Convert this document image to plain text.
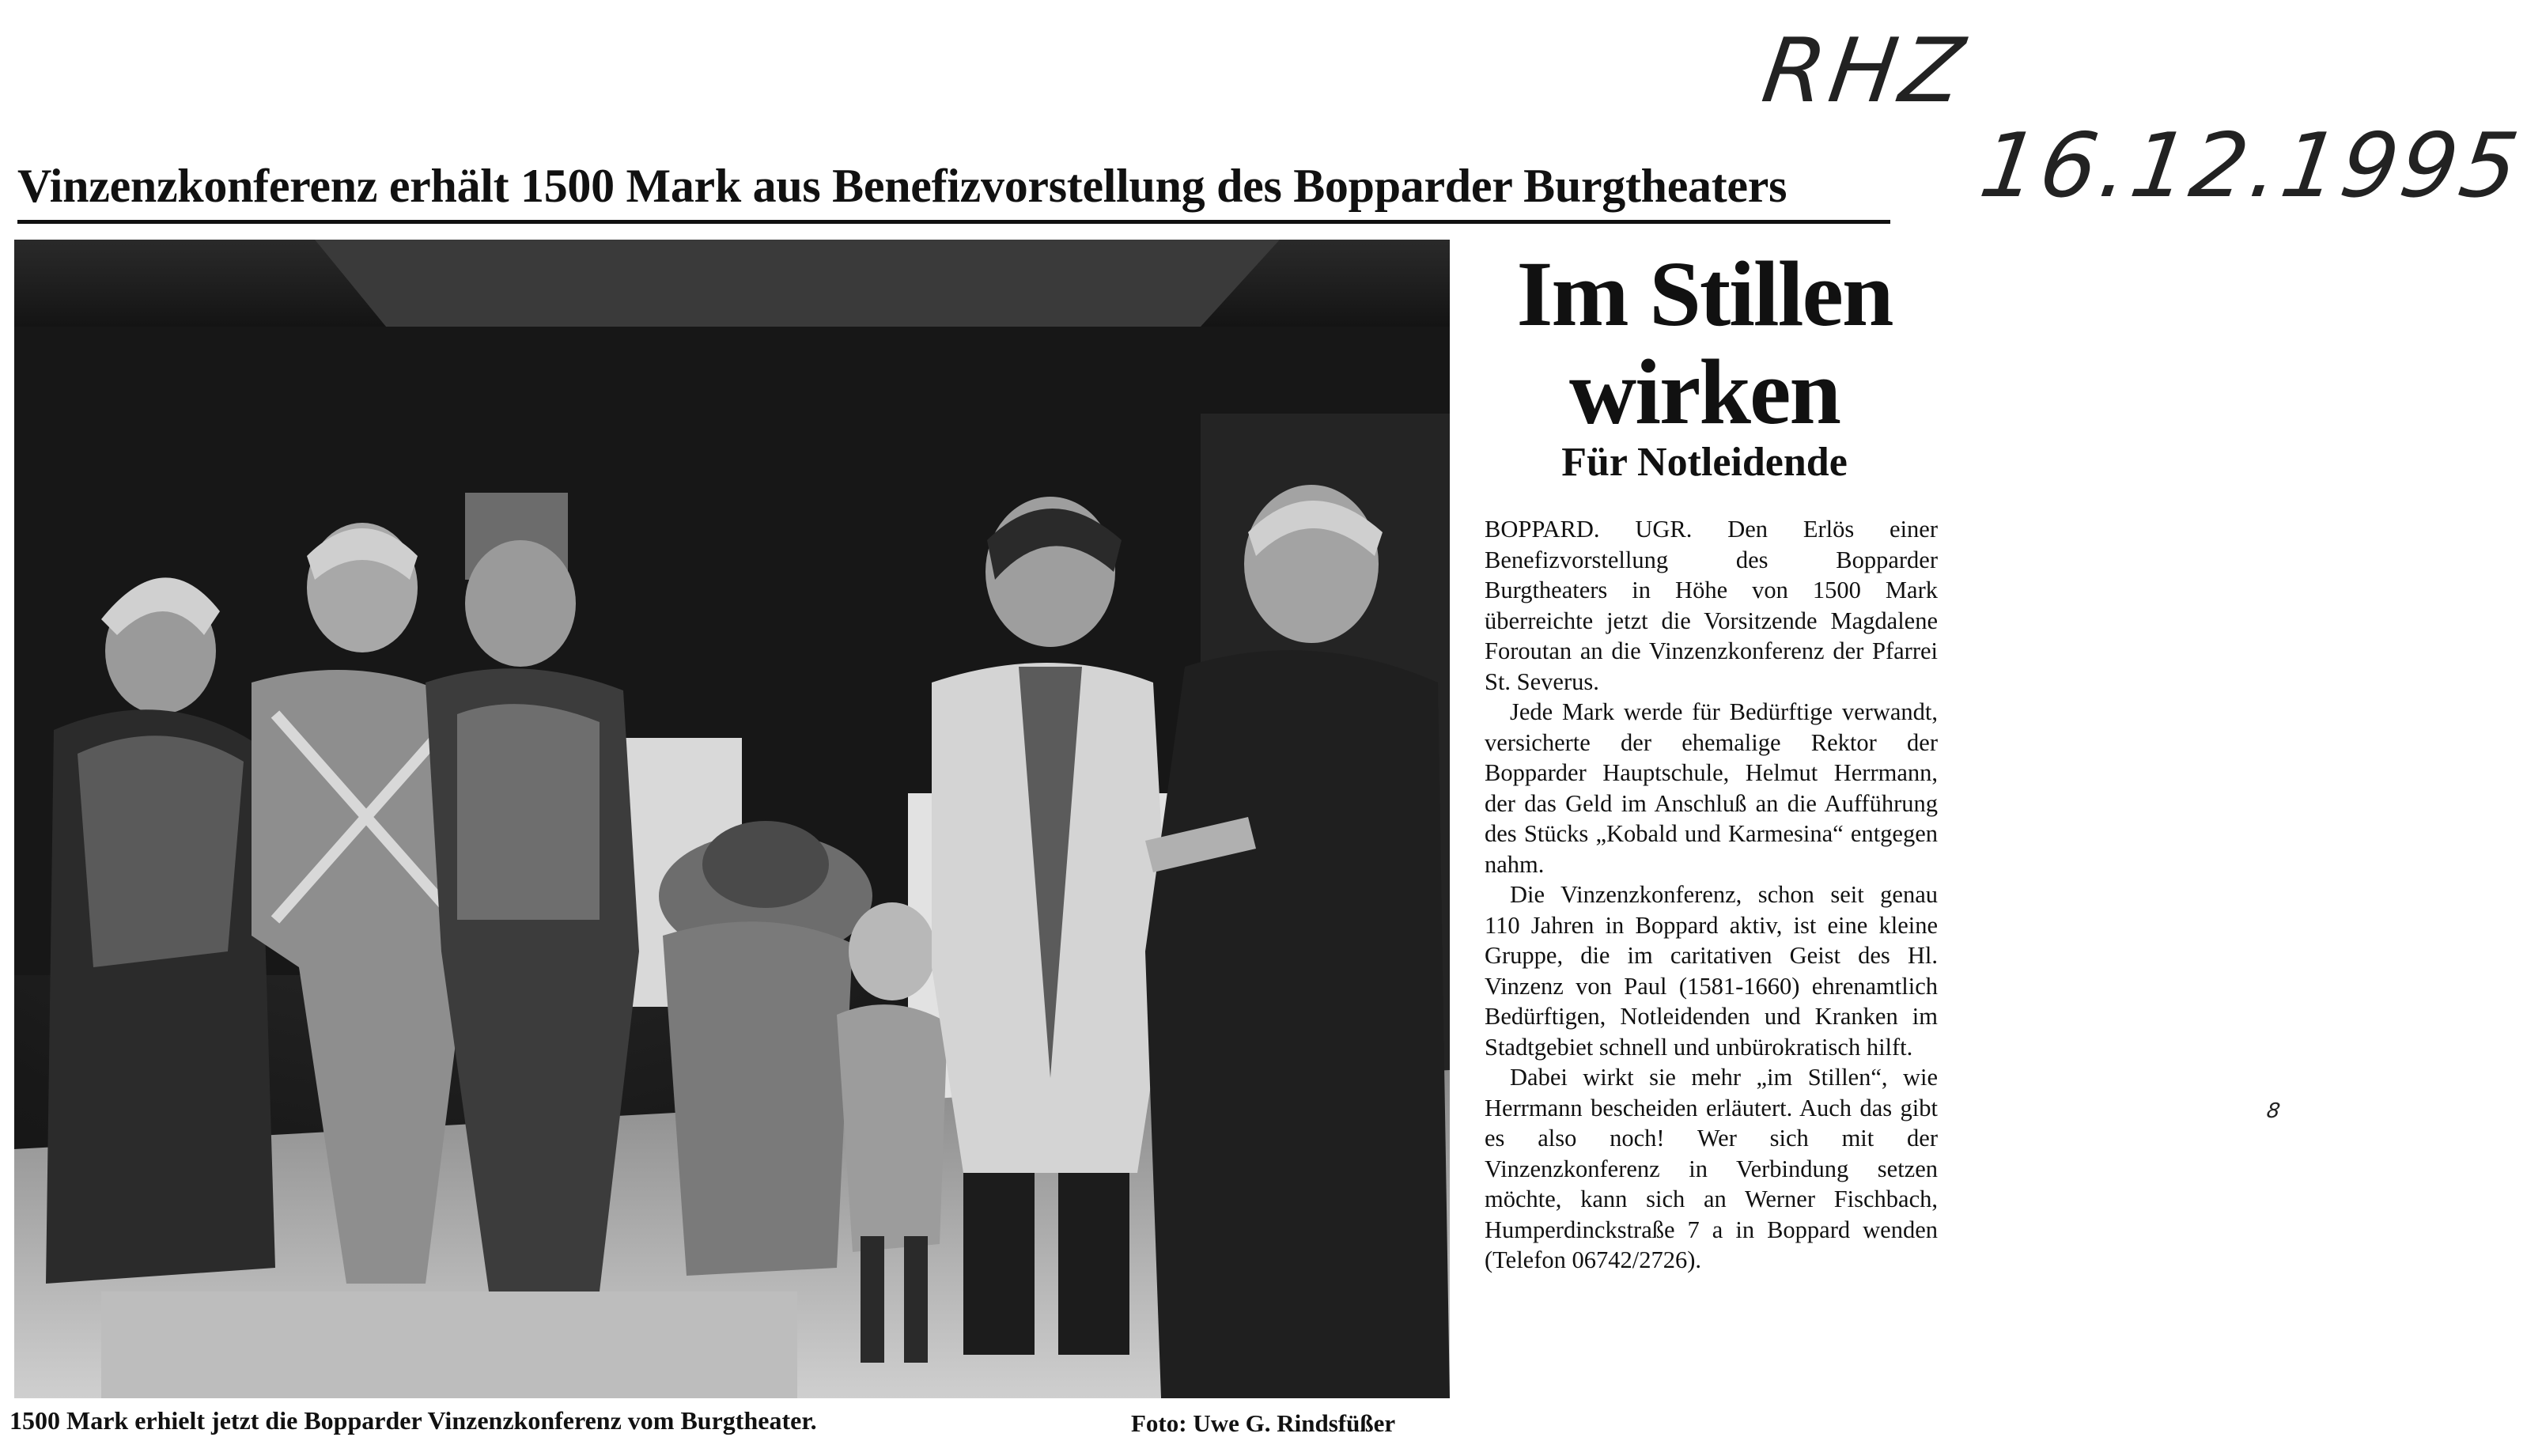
RHZ
16.12.1995
8
Vinzenzkonferenz erhält 1500 Mark aus Benefizvorstellung des Bopparder Burgtheaters
1500 Mark erhielt jetzt die Bopparder Vinzenzkonferenz vom Burgtheater.	Foto: Uwe G. Rindsfüßer
Im Stillen
wirken
Für Notleidende

BOPPARD. UGR. Den Erlös einer Benefizvorstellung des Bopparder Burgtheaters in Höhe von 1500 Mark überreichte jetzt die Vorsitzende Magdalene Foroutan an die Vinzenzkonferenz der Pfarrei St. Severus.

Jede Mark werde für Bedürftige verwandt, versicherte der ehemalige Rektor der Bopparder Hauptschule, Helmut Herrmann, der das Geld im Anschluß an die Aufführung des Stücks „Kobald und Karmesina“ entgegen nahm.

Die Vinzenzkonferenz, schon seit genau 110 Jahren in Boppard aktiv, ist eine kleine Gruppe, die im caritativen Geist des Hl. Vinzenz von Paul (1581-1660) ehrenamtlich Bedürftigen, Notleidenden und Kranken im Stadtgebiet schnell und unbürokratisch hilft.

Dabei wirkt sie mehr „im Stillen“, wie Herrmann bescheiden erläutert. Auch das gibt es also noch! Wer sich mit der Vinzenzkonferenz in Verbindung setzen möchte, kann sich an Werner Fischbach, Humperdinckstraße 7 a in Boppard wenden (Telefon 06742/2726).
